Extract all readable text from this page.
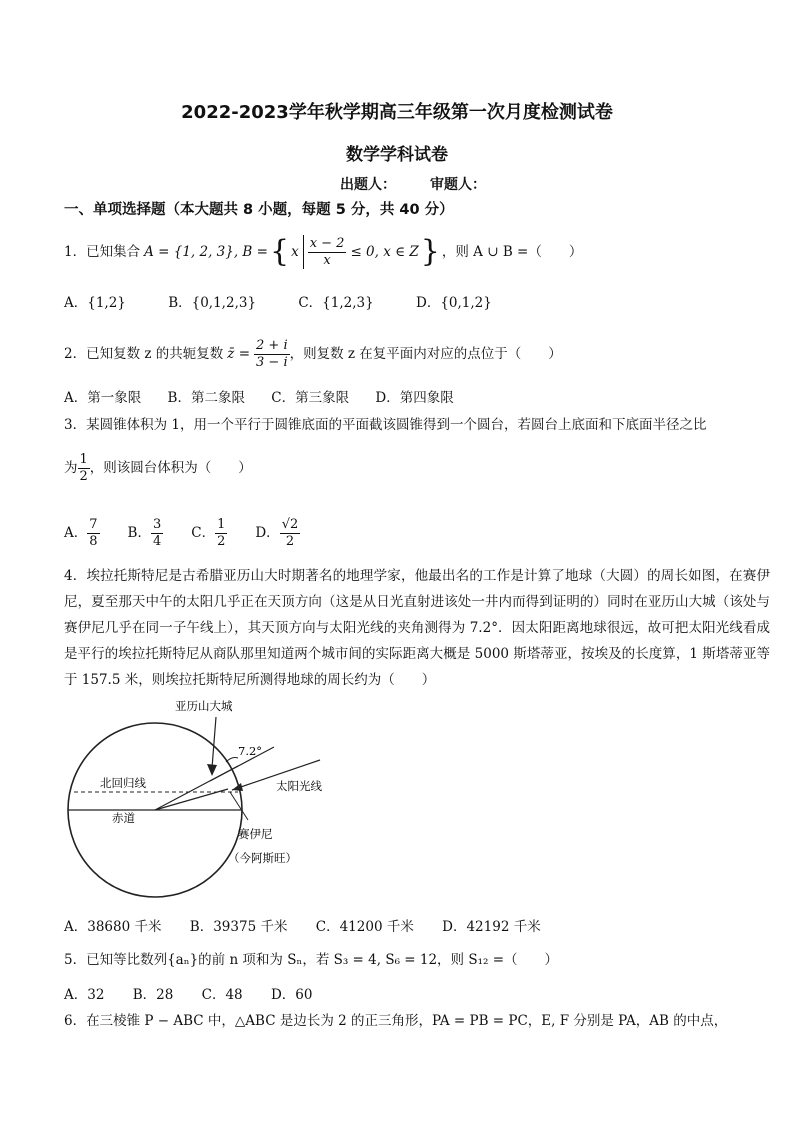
2022-2023学年秋学期高三年级第一次月度检测试卷
数学学科试卷
出题人： 审题人：
一、单项选择题（本大题共 8 小题，每题 5 分，共 40 分）
1．已知集合 A = {1, 2, 3}, B = { x $\frac{x - 2}{x} \le 0$, x ∈ Z } ，则 A ∪ B =（　　）
A．{1,2}	B．{0,1,2,3}	C．{1,2,3}	D．{0,1,2}
2．已知复数 z 的共轭复数 z̄ = $\frac{2 + i}{3 - i}$ ，则复数 z 在复平面内对应的点位于（　　）
A．第一象限 B．第二象限 C．第三象限 D．第四象限
3．某圆锥体积为 1，用一个平行于圆锥底面的平面截该圆锥得到一个圆台，若圆台上底面和下底面半径之比
为 $\frac{1}{2}$ ，则该圆台体积为（　　）
A． $\frac{7}{8}$ B． $\frac{3}{4}$ C． $\frac{1}{2}$ D． $\frac{√2}{2}$
4．埃拉托斯特尼是古希腊亚历山大时期著名的地理学家，他最出名的工作是计算了地球（大圆）的周长如图，在赛伊尼，夏至那天中午的太阳几乎正在天顶方向（这是从日光直射进该处一井内而得到证明的）同时在亚历山大城（该处与赛伊尼几乎在同一子午线上），其天顶方向与太阳光线的夹角测得为 7.2°．因太阳距离地球很远，故可把太阳光线看成是平行的埃拉托斯特尼从商队那里知道两个城市间的实际距离大概是 5000 斯塔蒂亚，按埃及的长度算，1 斯塔蒂亚等于 157.5 米，则埃拉托斯特尼所测得地球的周长约为（　　）
亚历山大城
7.2°
北回归线	太阳光线
赤道
赛伊尼
（今阿斯旺）
A．38680 千米 B．39375 千米 C．41200 千米 D．42192 千米
5．已知等比数列{aₙ}的前 n 项和为 Sₙ，若 S₃ = 4, S₆ = 12，则 S₁₂ =（　　）
A．32 B．28 C．48 D．60
6．在三棱锥 P − ABC 中，△ABC 是边长为 2 的正三角形，PA = PB = PC，E, F 分别是 PA，AB 的中点，
